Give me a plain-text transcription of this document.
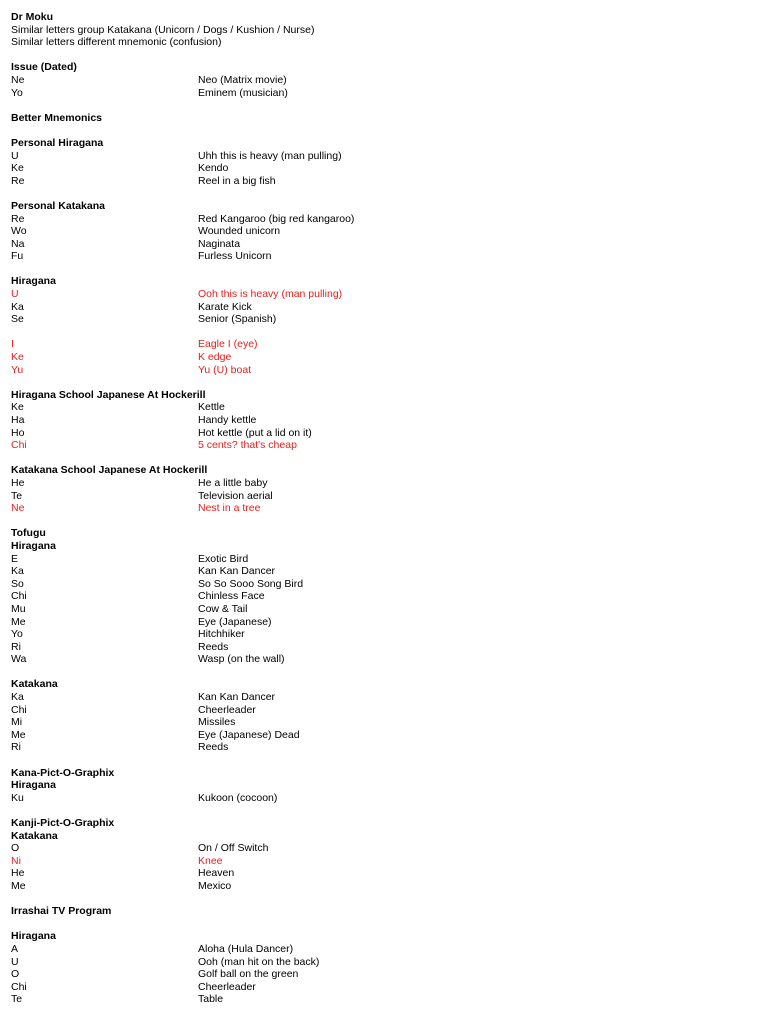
Dr Moku
Similar letters group Katakana (Unicorn / Dogs / Kushion / Nurse)
Similar letters different mnemonic (confusion)
Issue (Dated)
Ne	Neo (Matrix movie)
Yo	Eminem (musician)
Better Mnemonics
Personal Hiragana
U	Uhh this is heavy (man pulling)
Ke	Kendo
Re	Reel in a big fish
Personal Katakana
Re	Red Kangaroo (big red kangaroo)
Wo	Wounded unicorn
Na	Naginata
Fu	Furless Unicorn
Hiragana
U	Ooh this is heavy (man pulling)
Ka	Karate Kick
Se	Senior (Spanish)
I	Eagle I (eye)
Ke	K edge
Yu	Yu (U) boat
Hiragana School Japanese At Hockerill
Ke	Kettle
Ha	Handy kettle
Ho	Hot kettle (put a lid on it)
Chi	5 cents? that's cheap
Katakana School Japanese At Hockerill
He	He a little baby
Te	Television aerial
Ne	Nest in a tree
Tofugu
Hiragana
E	Exotic Bird
Ka	Kan Kan Dancer
So	So So Sooo Song Bird
Chi	Chinless Face
Mu	Cow & Tail
Me	Eye (Japanese)
Yo	Hitchhiker
Ri	Reeds
Wa	Wasp (on the wall)
Katakana
Ka	Kan Kan Dancer
Chi	Cheerleader
Mi	Missiles
Me	Eye (Japanese) Dead
Ri	Reeds
Kana-Pict-O-Graphix
Hiragana
Ku	Kukoon (cocoon)
Kanji-Pict-O-Graphix
Katakana
O	On / Off Switch
Ni	Knee
He	Heaven
Me	Mexico
Irrashai TV Program
Hiragana
A	Aloha (Hula Dancer)
U	Ooh (man hit on the back)
O	Golf ball on the green
Chi	Cheerleader
Te	Table
